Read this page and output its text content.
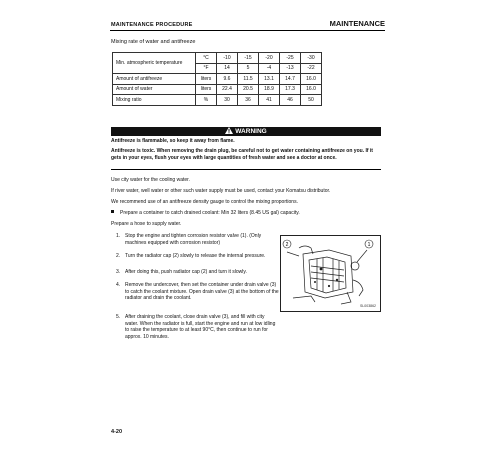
MAINTENANCE PROCEDURE	MAINTENANCE
Mixing rate of water and antifreeze
Min. atmospheric temperature	°C	-10	-15	-20	-25	-30
	°F	14	5	-4	-13	-22
Amount of antifreeze	liters	9.6	11.5	13.1	14.7	16.0
Amount of water	liters	22.4	20.5	18.9	17.3	16.0
Mixing ratio	%	30	36	41	46	50
WARNING
Antifreeze is flammable, so keep it away from flame.
Antifreeze is toxic. When removing the drain plug, be careful not to get water containing antifreeze on you. If it gets in your eyes, flush your eyes with large quantities of fresh water and see a doctor at once.
Use city water for the cooling water.
If river water, well water or other such water supply must be used, contact your Komatsu distributor.
We recommend use of an antifreeze density gauge to control the mixing proportions.
Prepare a container to catch drained coolant: Min 32 liters (8.45 US gal) capacity.
Prepare a hose to supply water.
1. Stop the engine and tighten corrosion resistor valve (1). (Only machines equipped with corrosion resistor)
2. Turn the radiator cap (2) slowly to release the internal pressure.
3. After doing this, push radiator cap (2) and turn it slowly.
4. Remove the undercover, then set the container under drain valve (3) to catch the coolant mixture. Open drain valve (3) at the bottom of the radiator and drain the coolant.
5. After draining the coolant, close drain valve (3), and fill with city water. When the radiator is full, start the engine and run at low idling to raise the temperature to at least 90°C, then continue to run for approx. 10 minutes.
2	1
SL003862
4-20
